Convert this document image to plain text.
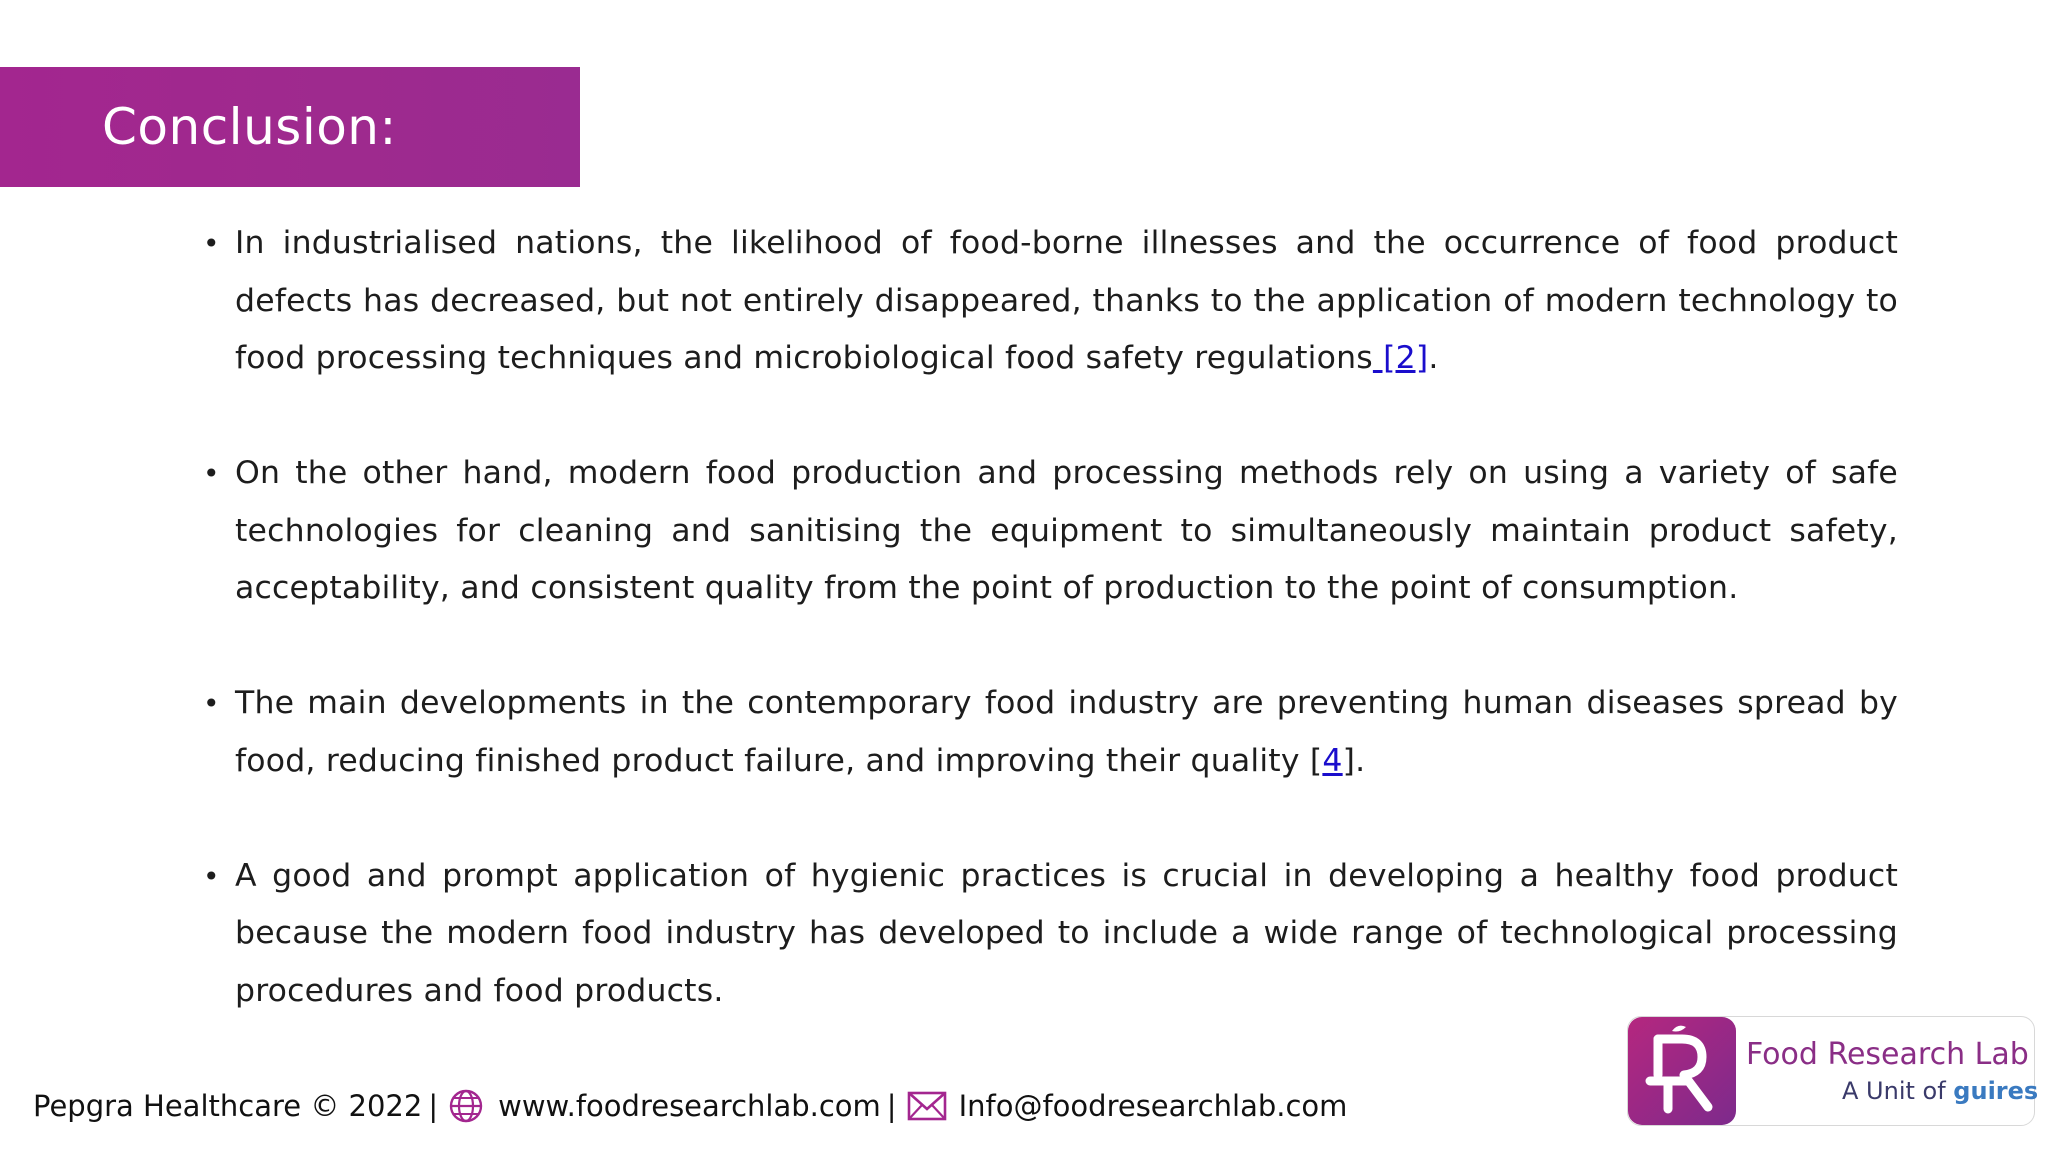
Conclusion:
• In industrialised nations, the likelihood of food-borne illnesses and the occurrence of food product defects has decreased, but not entirely disappeared, thanks to the application of modern technology to food processing techniques and microbiological food safety regulations [2].
• On the other hand, modern food production and processing methods rely on using a variety of safe technologies for cleaning and sanitising the equipment to simultaneously maintain product safety, acceptability, and consistent quality from the point of production to the point of consumption.
• The main developments in the contemporary food industry are preventing human diseases spread by food, reducing finished product failure, and improving their quality [4].
• A good and prompt application of hygienic practices is crucial in developing a healthy food product because the modern food industry has developed to include a wide range of technological processing procedures and food products.
Pepgra Healthcare © 2022 | www.foodresearchlab.com | Info@foodresearchlab.com
Food Research Lab
A Unit of guires
